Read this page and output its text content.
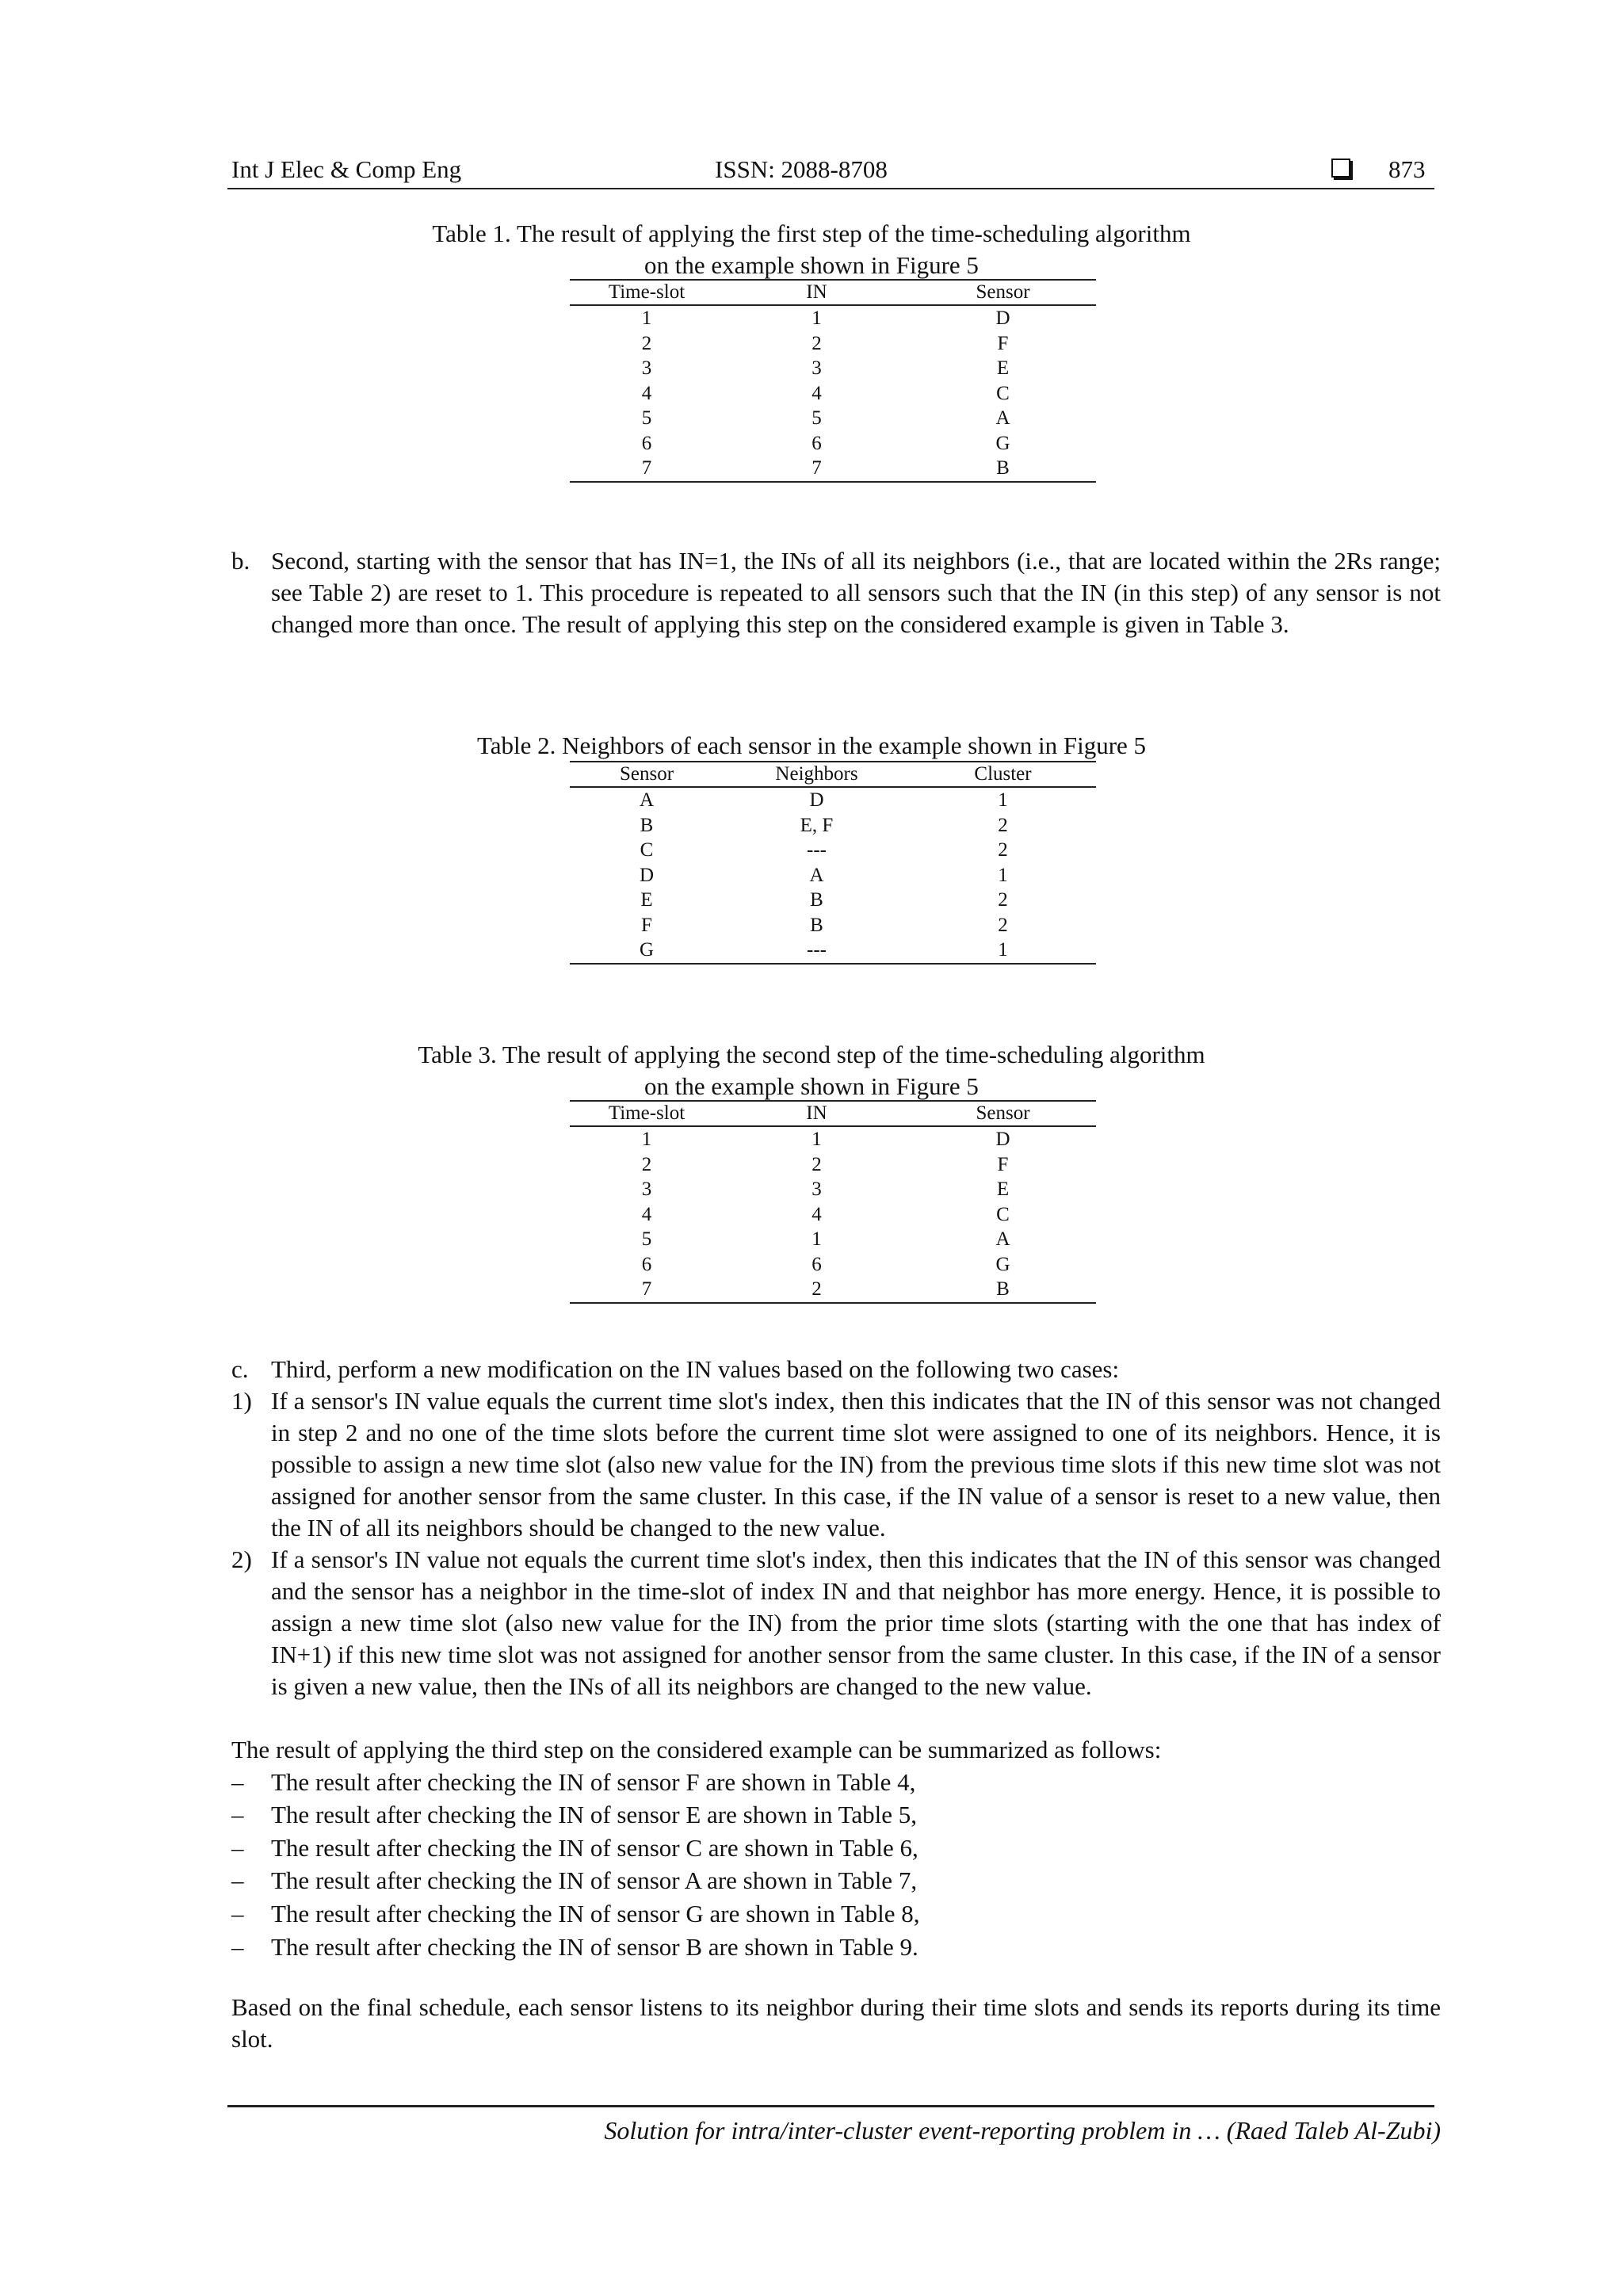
Int J Elec & Comp Eng	ISSN: 2088-8708	873
Table 1. The result of applying the first step of the time-scheduling algorithm
on the example shown in Figure 5
Time-slot	IN	Sensor
1	1	D
2	2	F
3	3	E
4	4	C
5	5	A
6	6	G
7	7	B
b. Second, starting with the sensor that has IN=1, the INs of all its neighbors (i.e., that are located within the 2Rs range; see Table 2) are reset to 1. This procedure is repeated to all sensors such that the IN (in this step) of any sensor is not changed more than once. The result of applying this step on the considered example is given in Table 3.
Table 2. Neighbors of each sensor in the example shown in Figure 5
Sensor	Neighbors	Cluster
A	D	1
B	E, F	2
C	---	2
D	A	1
E	B	2
F	B	2
G	---	1
Table 3. The result of applying the second step of the time-scheduling algorithm
on the example shown in Figure 5
Time-slot	IN	Sensor
1	1	D
2	2	F
3	3	E
4	4	C
5	1	A
6	6	G
7	2	B
c. Third, perform a new modification on the IN values based on the following two cases:
1) If a sensor's IN value equals the current time slot's index, then this indicates that the IN of this sensor was not changed in step 2 and no one of the time slots before the current time slot were assigned to one of its neighbors. Hence, it is possible to assign a new time slot (also new value for the IN) from the previous time slots if this new time slot was not assigned for another sensor from the same cluster. In this case, if the IN value of a sensor is reset to a new value, then the IN of all its neighbors should be changed to the new value.
2) If a sensor's IN value not equals the current time slot's index, then this indicates that the IN of this sensor was changed and the sensor has a neighbor in the time-slot of index IN and that neighbor has more energy. Hence, it is possible to assign a new time slot (also new value for the IN) from the prior time slots (starting with the one that has index of IN+1) if this new time slot was not assigned for another sensor from the same cluster. In this case, if the IN of a sensor is given a new value, then the INs of all its neighbors are changed to the new value.
The result of applying the third step on the considered example can be summarized as follows:
– The result after checking the IN of sensor F are shown in Table 4,
– The result after checking the IN of sensor E are shown in Table 5,
– The result after checking the IN of sensor C are shown in Table 6,
– The result after checking the IN of sensor A are shown in Table 7,
– The result after checking the IN of sensor G are shown in Table 8,
– The result after checking the IN of sensor B are shown in Table 9.
Based on the final schedule, each sensor listens to its neighbor during their time slots and sends its reports during its time slot.
Solution for intra/inter-cluster event-reporting problem in … (Raed Taleb Al-Zubi)
